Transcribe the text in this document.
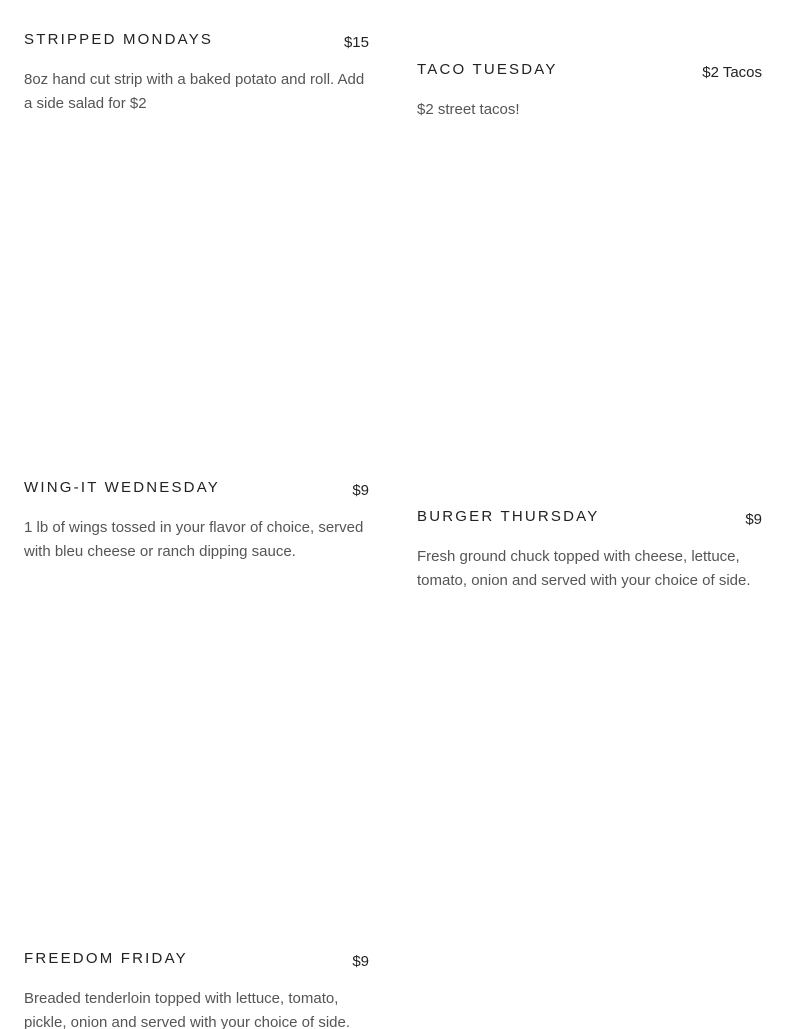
STRIPPED MONDAYS	$15
8oz hand cut strip with a baked potato and roll. Add a side salad for $2
TACO TUESDAY	$2 Tacos
$2 street tacos!
WING-IT WEDNESDAY	$9
1 lb of wings tossed in your flavor of choice, served with bleu cheese or ranch dipping sauce.
BURGER THURSDAY	$9
Fresh ground chuck topped with cheese, lettuce, tomato, onion and served with your choice of side.
FREEDOM FRIDAY	$9
Breaded tenderloin topped with lettuce, tomato, pickle, onion and served with your choice of side.
